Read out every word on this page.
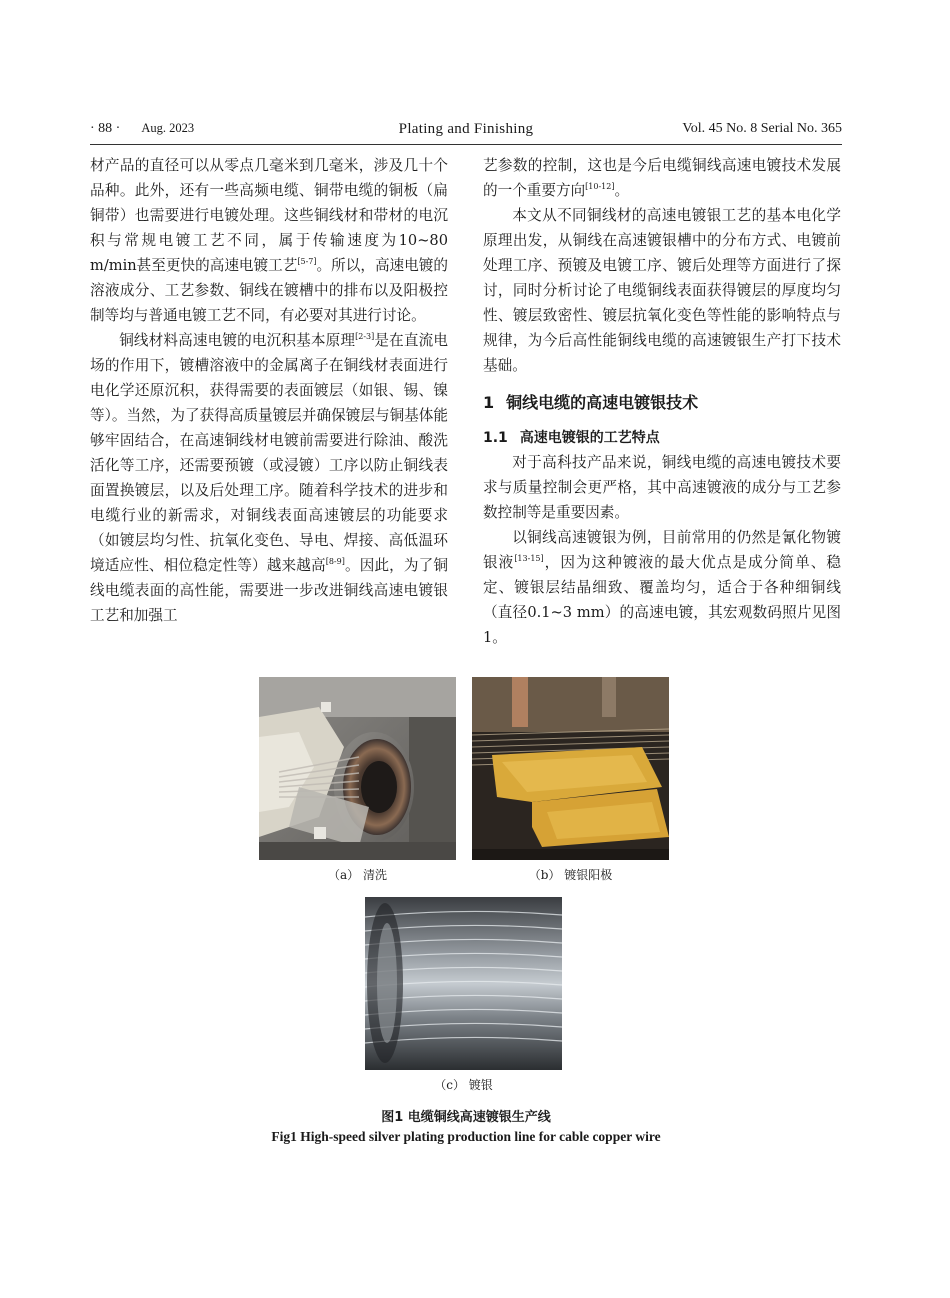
· 88 · Aug. 2023	Plating and Finishing	Vol. 45 No. 8 Serial No. 365

材产品的直径可以从零点几毫米到几毫米，涉及几十个品种。此外，还有一些高频电缆、铜带电缆的铜板（扁铜带）也需要进行电镀处理。这些铜线材和带材的电沉积与常规电镀工艺不同，属于传输速度为10~80 m/min甚至更快的高速电镀工艺[5-7]。所以，高速电镀的溶液成分、工艺参数、铜线在镀槽中的排布以及阳极控制等均与普通电镀工艺不同，有必要对其进行讨论。

铜线材料高速电镀的电沉积基本原理[2-3]是在直流电场的作用下，镀槽溶液中的金属离子在铜线材表面进行电化学还原沉积，获得需要的表面镀层（如银、锡、镍等）。当然，为了获得高质量镀层并确保镀层与铜基体能够牢固结合，在高速铜线材电镀前需要进行除油、酸洗活化等工序，还需要预镀（或浸镀）工序以防止铜线表面置换镀层，以及后处理工序。随着科学技术的进步和电缆行业的新需求，对铜线表面高速镀层的功能要求（如镀层均匀性、抗氧化变色、导电、焊接、高低温环境适应性、相位稳定性等）越来越高[8-9]。因此，为了铜线电缆表面的高性能，需要进一步改进铜线高速电镀银工艺和加强工

艺参数的控制，这也是今后电缆铜线高速电镀技术发展的一个重要方向[10-12]。

本文从不同铜线材的高速电镀银工艺的基本电化学原理出发，从铜线在高速镀银槽中的分布方式、电镀前处理工序、预镀及电镀工序、镀后处理等方面进行了探讨，同时分析讨论了电缆铜线表面获得镀层的厚度均匀性、镀层致密性、镀层抗氧化变色等性能的影响特点与规律，为今后高性能铜线电缆的高速镀银生产打下技术基础。

1 铜线电缆的高速电镀银技术
1.1 高速电镀银的工艺特点

对于高科技产品来说，铜线电缆的高速电镀技术要求与质量控制会更严格，其中高速镀液的成分与工艺参数控制等是重要因素。

以铜线高速镀银为例，目前常用的仍然是氰化物镀银液[13-15]，因为这种镀液的最大优点是成分简单、稳定、镀银层结晶细致、覆盖均匀，适合于各种细铜线（直径0.1~3 mm）的高速电镀，其宏观数码照片见图1。

（a） 清洗	（b） 镀银阳极
（c） 镀银
图1 电缆铜线高速镀银生产线
Fig1 High-speed silver plating production line for cable copper wire
